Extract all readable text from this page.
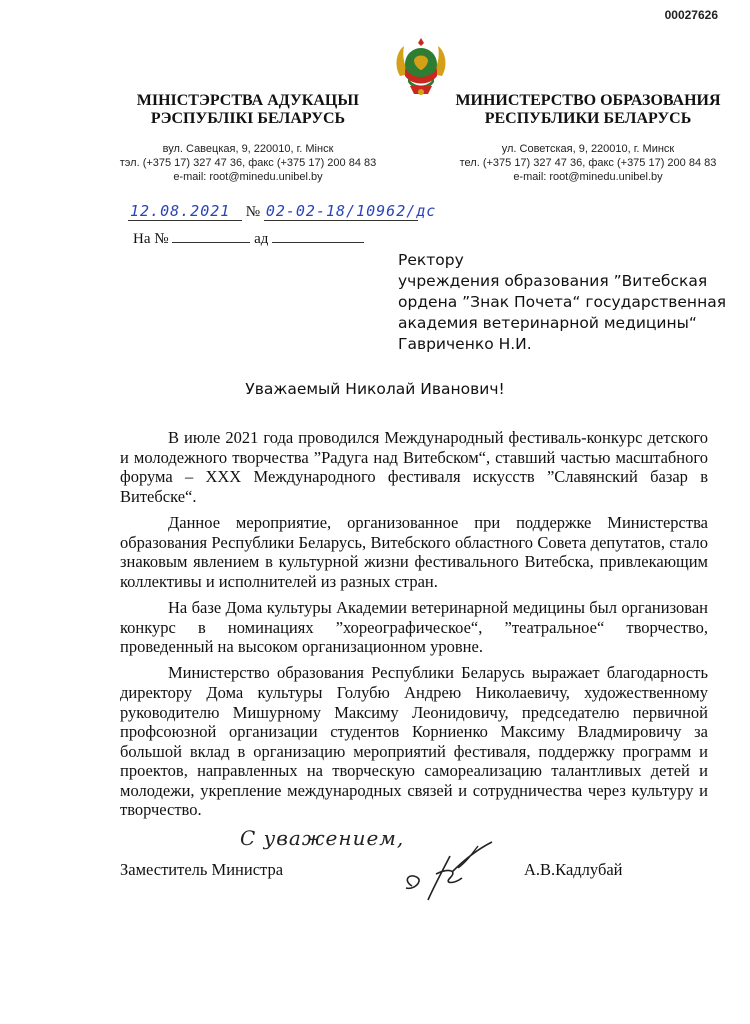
00027626
МІНІСТЭРСТВА АДУКАЦЫІ
РЭСПУБЛІКІ БЕЛАРУСЬ
МИНИСТЕРСТВО ОБРАЗОВАНИЯ
РЕСПУБЛИКИ БЕЛАРУСЬ
вул. Савецкая, 9, 220010, г. Мінск
тэл. (+375 17) 327 47 36, факс (+375 17) 200 84 83
e-mail: root@minedu.unibel.by
ул. Советская, 9, 220010, г. Минск
тел. (+375 17) 327 47 36, факс (+375 17) 200 84 83
e-mail: root@minedu.unibel.by
12.08.2021 № 02-02-18/10962/дс
На №	ад
Ректору
учреждения образования ”Витебская
ордена ”Знак Почета“ государственная
академия ветеринарной медицины“
Гавриченко Н.И.
Уважаемый Николай Иванович!

В июле 2021 года проводился Международный фестиваль-конкурс детского и молодежного творчества ”Радуга над Витебском“, ставший частью масштабного форума – XXX Международного фестиваля искусств ”Славянский базар в Витебске“.

Данное мероприятие, организованное при поддержке Министерства образования Республики Беларусь, Витебского областного Совета депутатов, стало знаковым явлением в культурной жизни фестивального Витебска, привлекающим коллективы и исполнителей из разных стран.

На базе Дома культуры Академии ветеринарной медицины был организован конкурс в номинациях ”хореографическое“, ”театральное“ творчество, проведенный на высоком организационном уровне.

Министерство образования Республики Беларусь выражает благодарность директору Дома культуры Голубю Андрею Николаевичу, художественному руководителю Мишурному Максиму Леонидовичу, председателю первичной профсоюзной организации студентов Корниенко Максиму Владмировичу за большой вклад в организацию мероприятий фестиваля, поддержку программ и проектов, направленных на творческую самореализацию талантливых детей и молодежи, укрепление международных связей и сотрудничества через культуру и творчество.

С уважением,
Заместитель Министра	А.В.Кадлубай
